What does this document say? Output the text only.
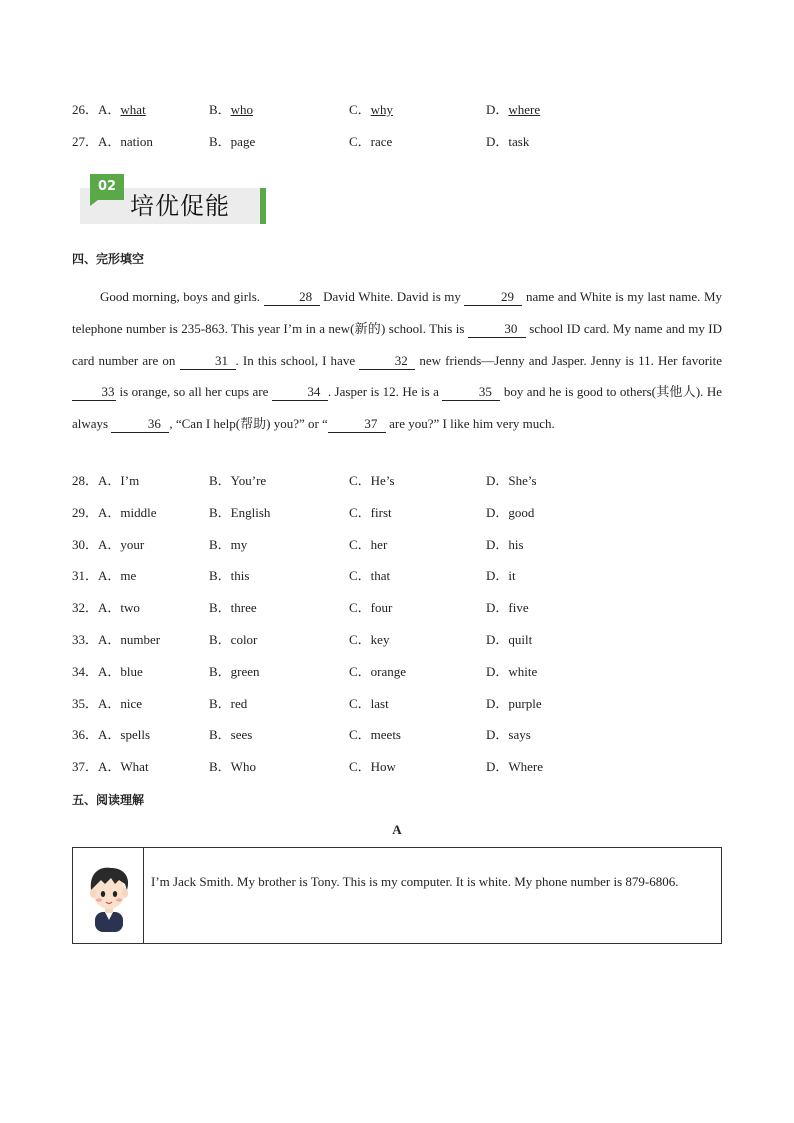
26．A．what	B．who	C．why	D．where
27．A．nation	B．page	C．race	D．task
02
培优促能
四、完形填空

Good morning, boys and girls.	28 David White. David is my	29 name and White is my last name. My telephone number is 235-863. This year I’m in a new(新的) school. This is	30 school ID card. My name and my ID card number are on	31 . In this school, I have	32 new friends—Jenny and Jasper. Jenny is 11. Her favorite 33 is orange, so all her cups are	34 . Jasper is 12. He is a	35 boy and he is good to others(其他人). He always	36 , “Can I help(帮助) you?” or “	37 are you?” I like him very much.

28．A．I’m	B．You’re	C．He’s	D．She’s
29．A．middle	B．English	C．first	D．good
30．A．your	B．my	C．her	D．his
31．A．me	B．this	C．that	D．it
32．A．two	B．three	C．four	D．five
33．A．number	B．color	C．key	D．quilt
34．A．blue	B．green	C．orange	D．white
35．A．nice	B．red	C．last	D．purple
36．A．spells	B．sees	C．meets	D．says
37．A．What	B．Who	C．How	D．Where
五、阅读理解
A
I’m Jack Smith. My brother is Tony. This is my computer. It is white. My phone number is 879-6806.
